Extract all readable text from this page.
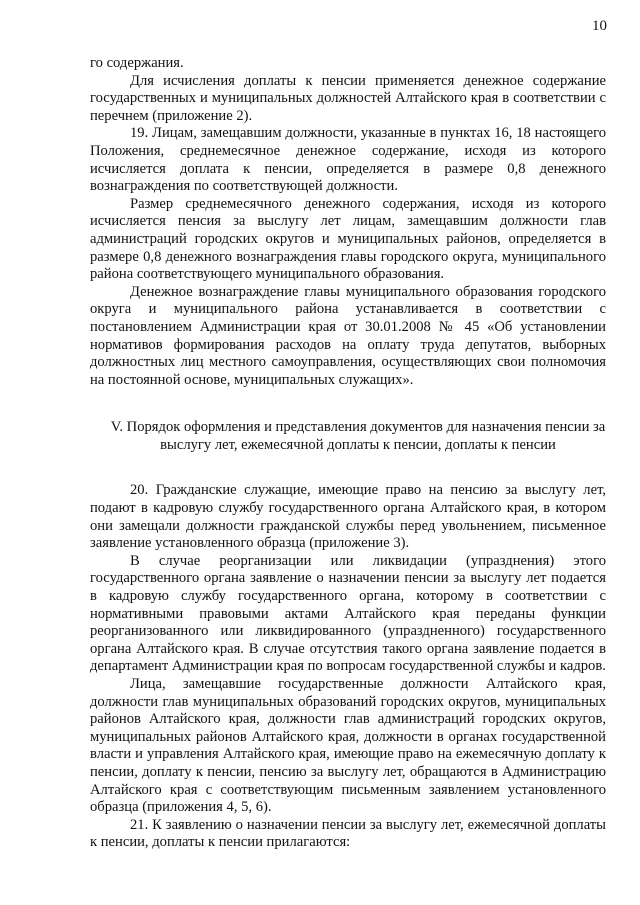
10

го содержания.

Для исчисления доплаты к пенсии применяется денежное содержание государственных и муниципальных должностей Алтайского края в соответствии с перечнем (приложение 2).

19. Лицам, замещавшим должности, указанные в пунктах 16, 18 настоящего Положения, среднемесячное денежное содержание, исходя из которого исчисляется доплата к пенсии, определяется в размере 0,8 денежного вознаграждения по соответствующей должности.

Размер среднемесячного денежного содержания, исходя из которого исчисляется пенсия за выслугу лет лицам, замещавшим должности глав администраций городских округов и муниципальных районов, определяется в размере 0,8 денежного вознаграждения главы городского округа, муниципального района соответствующего муниципального образования.

Денежное вознаграждение главы муниципального образования городского округа и муниципального района устанавливается в соответствии с постановлением Администрации края от 30.01.2008 № 45 «Об установлении нормативов формирования расходов на оплату труда депутатов, выборных должностных лиц местного самоуправления, осуществляющих свои полномочия на постоянной основе, муниципальных служащих».

V. Порядок оформления и представления документов для назначения пенсии за выслугу лет, ежемесячной доплаты к пенсии, доплаты к пенсии

20. Гражданские служащие, имеющие право на пенсию за выслугу лет, подают в кадровую службу государственного органа Алтайского края, в котором они замещали должности гражданской службы перед увольнением, письменное заявление установленного образца (приложение 3).

В случае реорганизации или ликвидации (упразднения) этого государственного органа заявление о назначении пенсии за выслугу лет подается в кадровую службу государственного органа, которому в соответствии с нормативными правовыми актами Алтайского края переданы функции реорганизованного или ликвидированного (упраздненного) государственного органа Алтайского края. В случае отсутствия такого органа заявление подается в департамент Администрации края по вопросам государственной службы и кадров.

Лица, замещавшие государственные должности Алтайского края, должности глав муниципальных образований городских округов, муниципальных районов Алтайского края, должности глав администраций городских округов, муниципальных районов Алтайского края, должности в органах государственной власти и управления Алтайского края, имеющие право на ежемесячную доплату к пенсии, доплату к пенсии, пенсию за выслугу лет, обращаются в Администрацию Алтайского края с соответствующим письменным заявлением установленного образца (приложения 4, 5, 6).

21. К заявлению о назначении пенсии за выслугу лет, ежемесячной доплаты к пенсии, доплаты к пенсии прилагаются:
